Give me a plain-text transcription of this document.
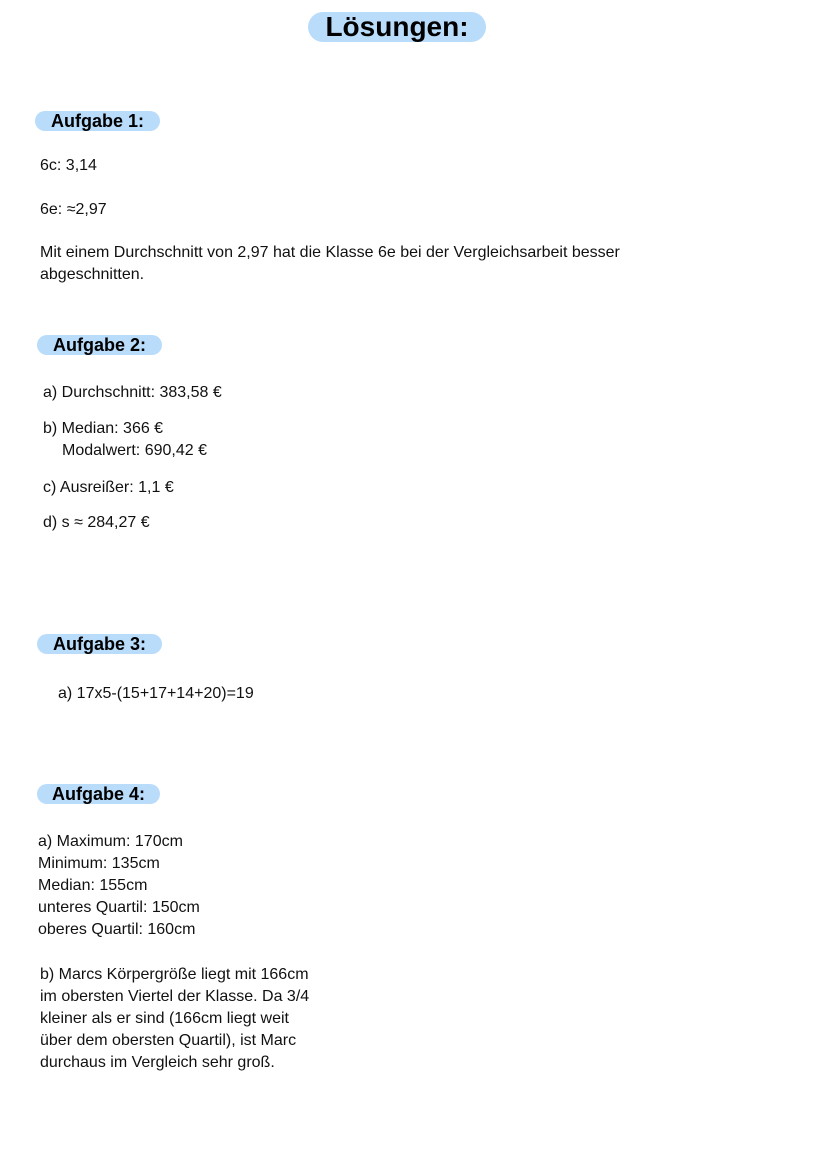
Lösungen:
Aufgabe 1:
6c: 3,14
6e: ≈2,97
Mit einem Durchschnitt von 2,97 hat die Klasse 6e bei der Vergleichsarbeit besser
abgeschnitten.
Aufgabe 2:
a) Durchschnitt: 383,58 €
b) Median: 366 €
Modalwert: 690,42 €
c) Ausreißer: 1,1 €
d) s ≈ 284,27 €
Aufgabe 3:
a) 17x5-(15+17+14+20)=19
Aufgabe 4:
a) Maximum: 170cm
Minimum: 135cm
Median: 155cm
unteres Quartil: 150cm
oberes Quartil: 160cm
b) Marcs Körpergröße liegt mit 166cm
im obersten Viertel der Klasse. Da 3/4
kleiner als er sind (166cm liegt weit
über dem obersten Quartil), ist Marc
durchaus im Vergleich sehr groß.
